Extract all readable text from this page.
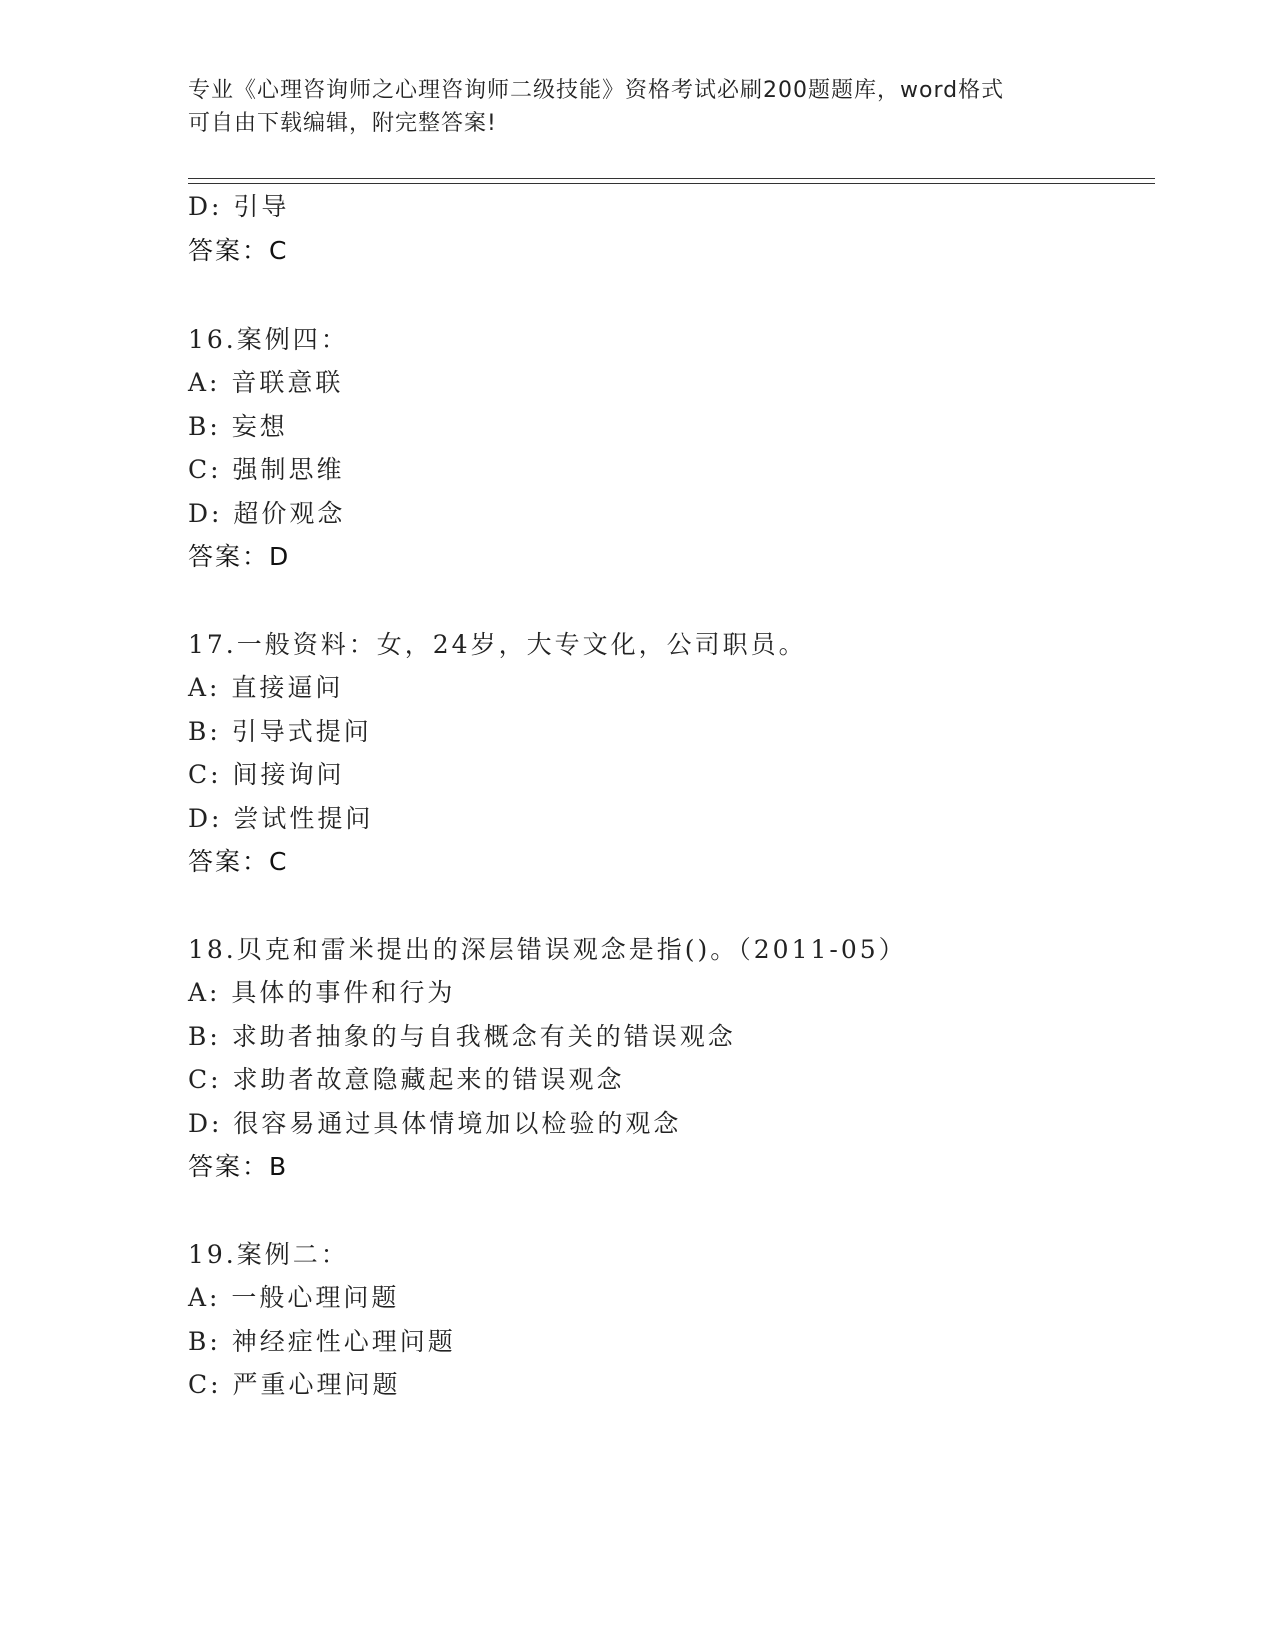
专业《心理咨询师之心理咨询师二级技能》资格考试必刷200题题库，word格式
可自由下载编辑，附完整答案!
D: 引导
答案：C
16.案例四：
A: 音联意联
B: 妄想
C: 强制思维
D: 超价观念
答案：D
17.一般资料：女，24岁，大专文化，公司职员。
A: 直接逼问
B: 引导式提问
C: 间接询问
D: 尝试性提问
答案：C
18.贝克和雷米提出的深层错误观念是指()。（2011-05）
A: 具体的事件和行为
B: 求助者抽象的与自我概念有关的错误观念
C: 求助者故意隐藏起来的错误观念
D: 很容易通过具体情境加以检验的观念
答案：B
19.案例二：
A: 一般心理问题
B: 神经症性心理问题
C: 严重心理问题
